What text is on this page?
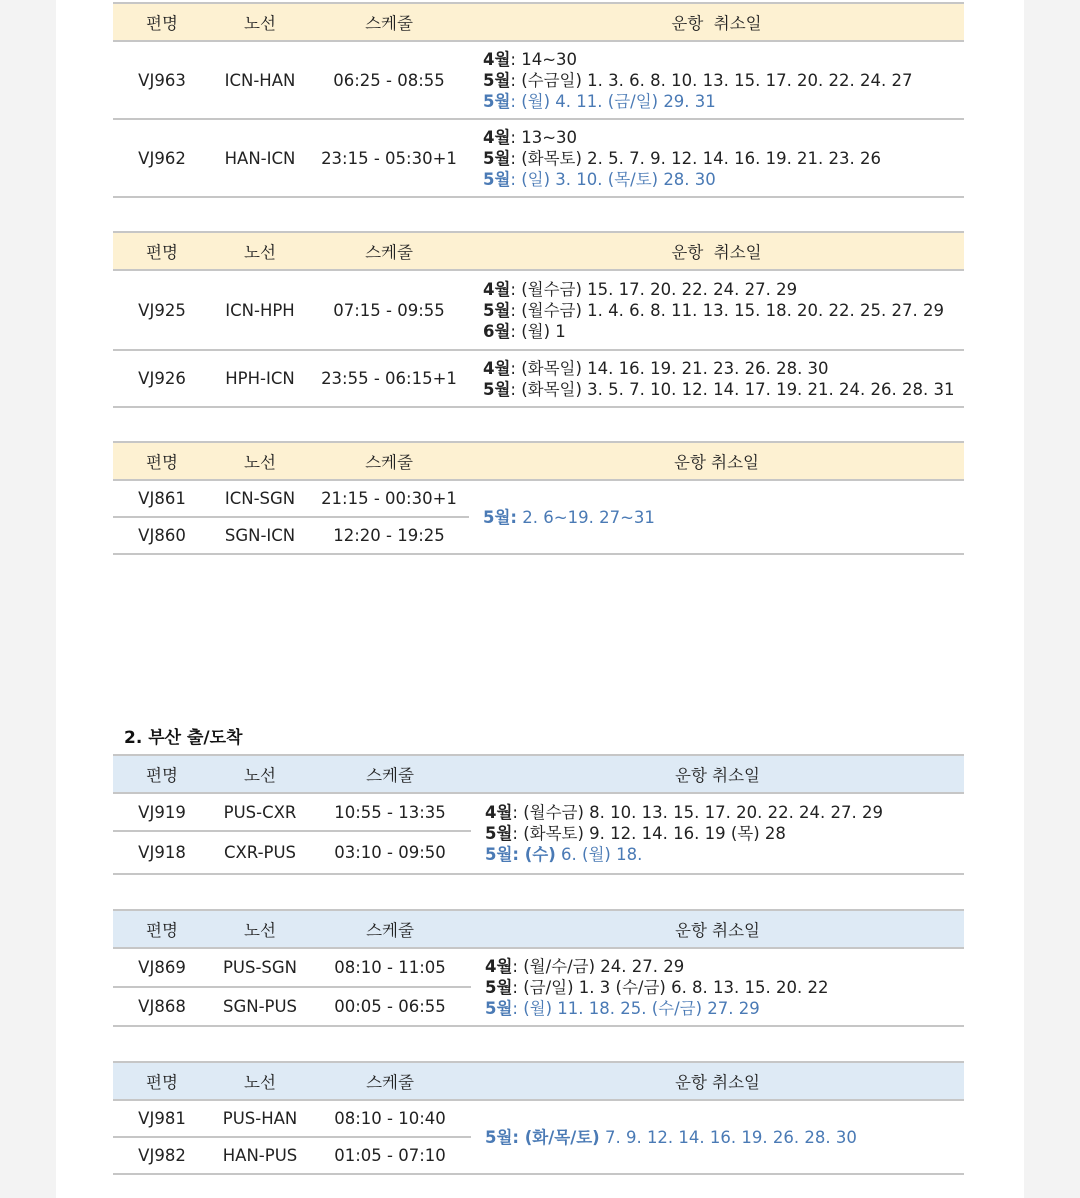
편명	노선	스케줄	운항  취소일
VJ963	ICN-HAN	06:25 - 08:55	4월: 14~30
5월: (수금일) 1. 3. 6. 8. 10. 13. 15. 17. 20. 22. 24. 27
5월: (월) 4. 11. (금/일) 29. 31

VJ962	HAN-ICN	23:15 - 05:30+1	4월: 13~30
5월: (화목토) 2. 5. 7. 9. 12. 14. 16. 19. 21. 23. 26
5월: (일) 3. 10. (목/토) 28. 30
편명	노선	스케줄	운항  취소일
VJ925	ICN-HPH	07:15 - 09:55	4월: (월수금) 15. 17. 20. 22. 24. 27. 29
5월: (월수금) 1. 4. 6. 8. 11. 13. 15. 18. 20. 22. 25. 27. 29
6월: (월) 1

VJ926	HPH-ICN	23:55 - 06:15+1	4월: (화목일) 14. 16. 19. 21. 23. 26. 28. 30
5월: (화목일) 3. 5. 7. 10. 12. 14. 17. 19. 21. 24. 26. 28. 31
편명	노선	스케줄	운항 취소일
VJ861	ICN-SGN	21:15 - 00:30+1	5월: 2. 6~19. 27~31
VJ860	SGN-ICN	12:20 - 19:25	
2. 부산 출/도착
편명	노선	스케줄	운항 취소일
VJ919	PUS-CXR	10:55 - 13:35	4월: (월수금) 8. 10. 13. 15. 17. 20. 22. 24. 27. 29
5월: (화목토) 9. 12. 14. 16. 19 (목) 28
5월: (수) 6. (월) 18.

VJ918	CXR-PUS	03:10 - 09:50	
편명	노선	스케줄	운항 취소일
VJ869	PUS-SGN	08:10 - 11:05	4월: (월/수/금) 24. 27. 29
5월: (금/일) 1. 3 (수/금) 6. 8. 13. 15. 20. 22
5월: (월) 11. 18. 25. (수/금) 27. 29

VJ868	SGN-PUS	00:05 - 06:55	
편명	노선	스케줄	운항 취소일
VJ981	PUS-HAN	08:10 - 10:40	5월: (화/목/토) 7. 9. 12. 14. 16. 19. 26. 28. 30
VJ982	HAN-PUS	01:05 - 07:10	
